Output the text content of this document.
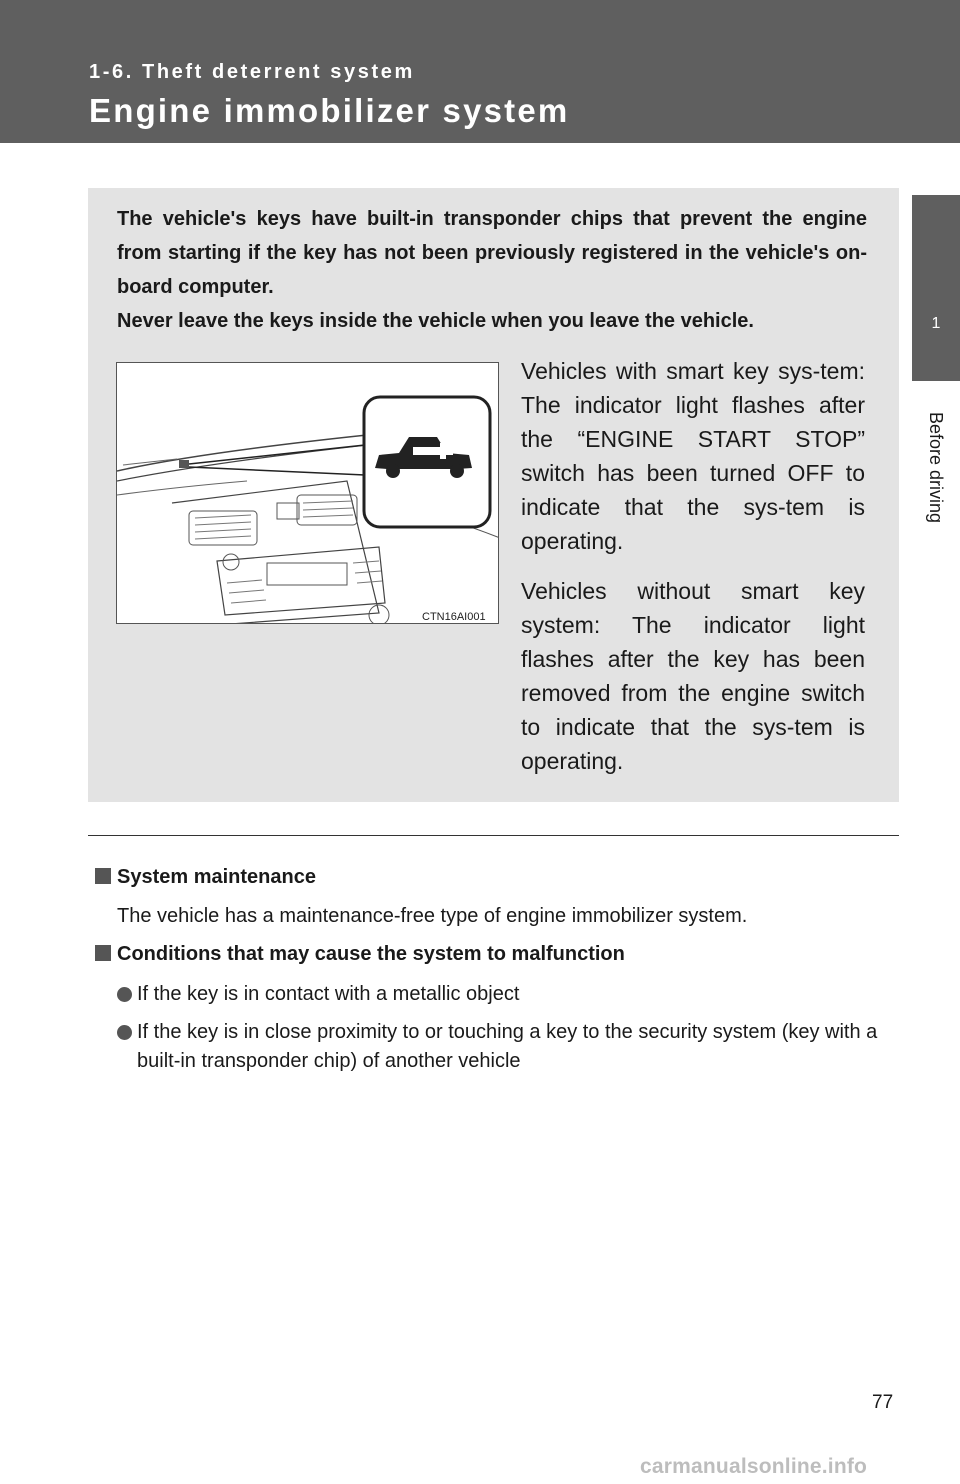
1-6. Theft deterrent system
Engine immobilizer system
1
Before driving

The vehicle's keys have built-in transponder chips that prevent the engine from starting if the key has not been previously registered in the vehicle's on-board computer.

Never leave the keys inside the vehicle when you leave the vehicle.

CTN16AI001

Vehicles with smart key sys-tem: The indicator light flashes after the “ENGINE START STOP” switch has been turned OFF to indicate that the sys-tem is operating.

Vehicles without smart key system: The indicator light flashes after the key has been removed from the engine switch to indicate that the sys-tem is operating.

System maintenance

The vehicle has a maintenance-free type of engine immobilizer system.

Conditions that may cause the system to malfunction

If the key is in contact with a metallic object
If the key is in close proximity to or touching a key to the security system (key with a built-in transponder chip) of another vehicle
77
carmanualsonline.info
